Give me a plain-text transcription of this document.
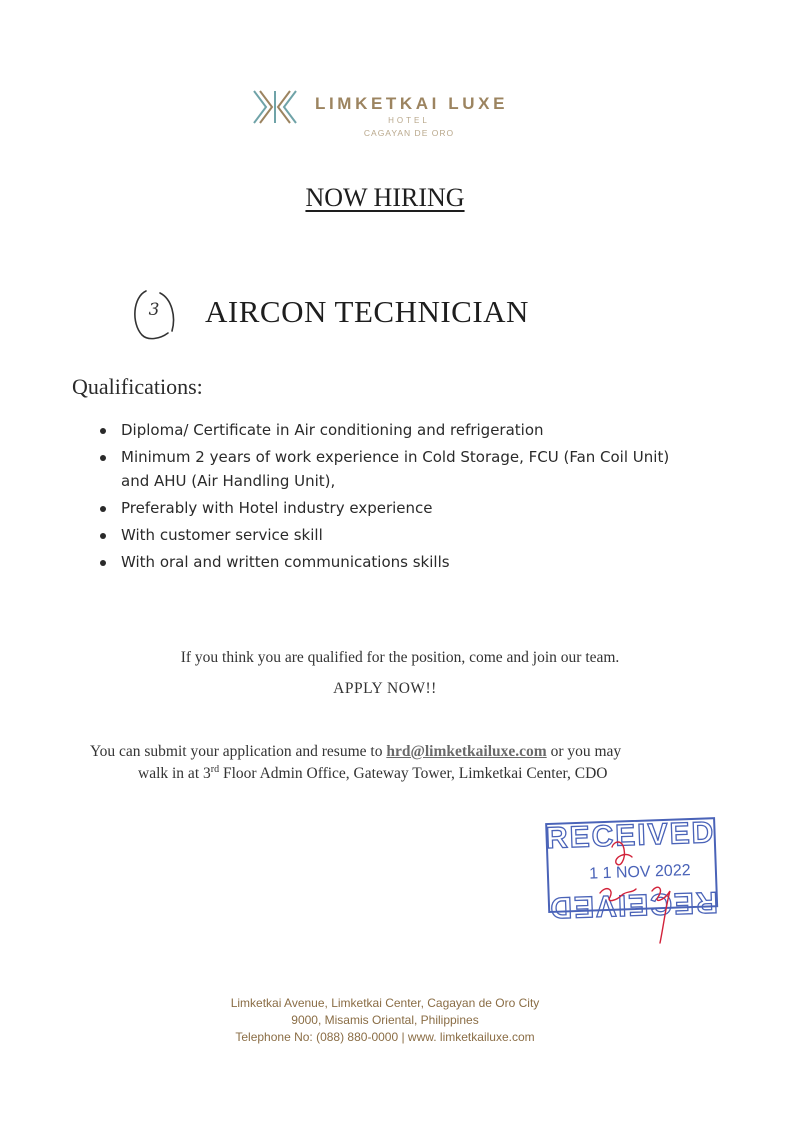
LIMKETKAI LUXE
HOTEL
CAGAYAN DE ORO
NOW HIRING
3	AIRCON TECHNICIAN
Qualifications:
Diploma/ Certificate in Air conditioning and refrigeration
Minimum 2 years of work experience in Cold Storage, FCU (Fan Coil Unit) and AHU (Air Handling Unit),
Preferably with Hotel industry experience
With customer service skill
With oral and written communications skills
If you think you are qualified for the position, come and join our team.
APPLY NOW!!
You can submit your application and resume to hrd@limketkailuxe.com or you may
walk in at 3rd Floor Admin Office, Gateway Tower, Limketkai Center, CDO
RECEIVED
1 1 NOV 2022
RECEIVED
Limketkai Avenue, Limketkai Center, Cagayan de Oro City
9000, Misamis Oriental, Philippines
Telephone No: (088) 880-0000 | www. limketkailuxe.com
